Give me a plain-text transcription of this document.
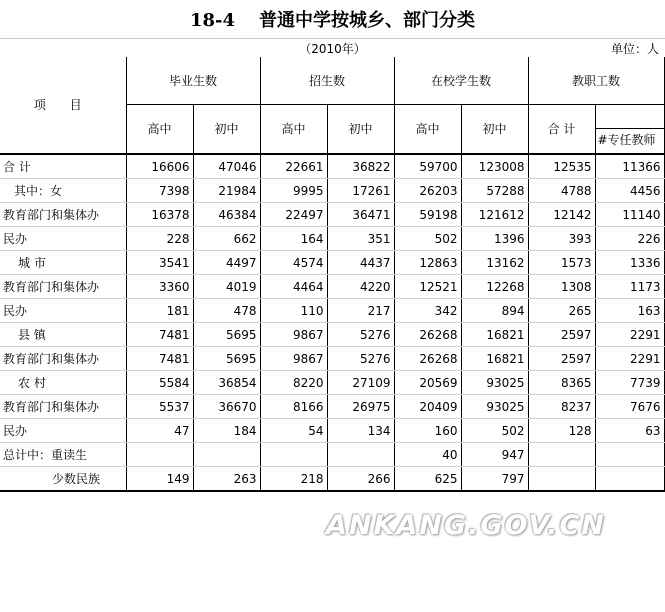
18-4 普通中学按城乡、部门分类
（2010年）	单位：人
项 目	毕业生数		招生数		在校学生数		教职工数	
	高中	初中	高中	初中	高中	初中	合 计	#专任教师

合 计	16606	47046	22661	36822	59700	123008	12535	11366
其中：女	7398	21984	9995	17261	26203	57288	4788	4456
教育部门和集体办	16378	46384	22497	36471	59198	121612	12142	11140
民办	228	662	164	351	502	1396	393	226
城 市	3541	4497	4574	4437	12863	13162	1573	1336
教育部门和集体办	3360	4019	4464	4220	12521	12268	1308	1173
民办	181	478	110	217	342	894	265	163
县 镇	7481	5695	9867	5276	26268	16821	2597	2291
教育部门和集体办	7481	5695	9867	5276	26268	16821	2597	2291
农 村	5584	36854	8220	27109	20569	93025	8365	7739
教育部门和集体办	5537	36670	8166	26975	20409	93025	8237	7676
民办	47	184	54	134	160	502	128	63
总计中：重读生					40	947		
少数民族	149	263	218	266	625	797		
ANKANG.GOV.CN
